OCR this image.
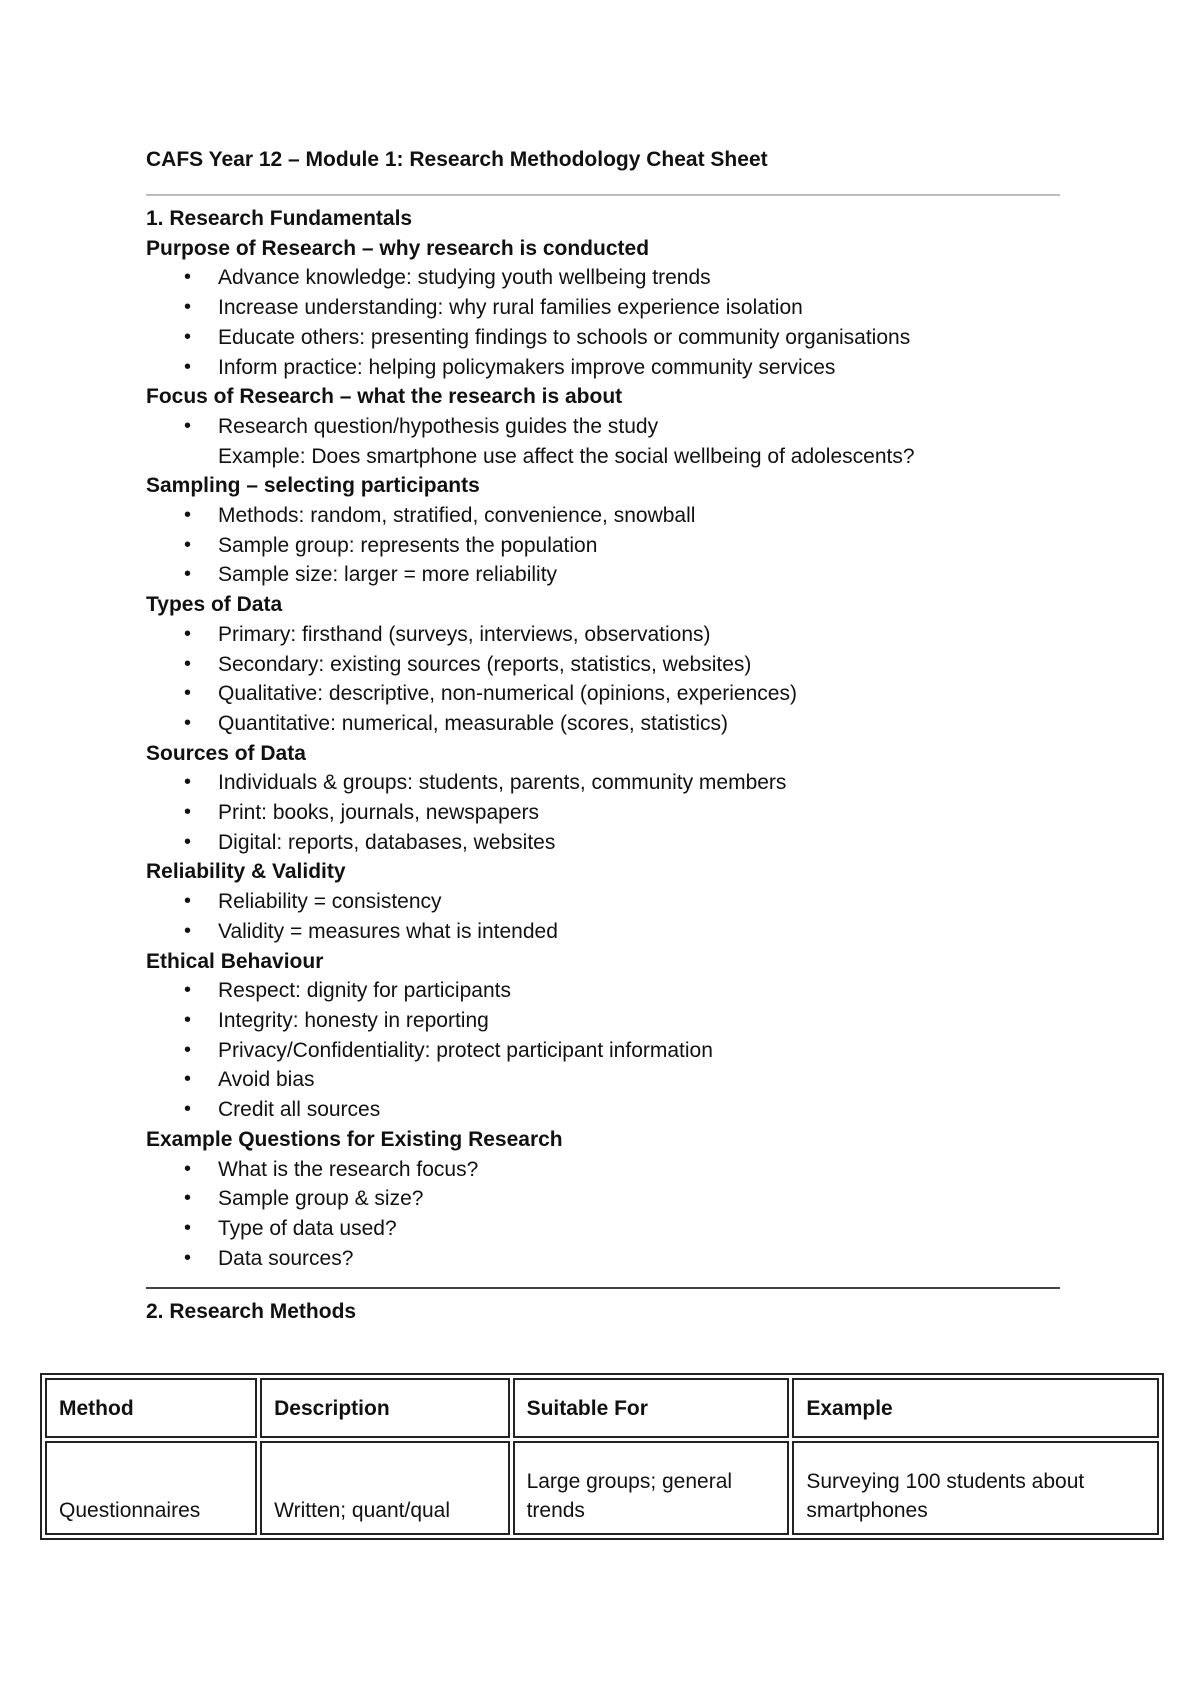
CAFS Year 12 – Module 1: Research Methodology Cheat Sheet

1. Research Fundamentals

Purpose of Research – why research is conducted

• Advance knowledge: studying youth wellbeing trends
• Increase understanding: why rural families experience isolation
• Educate others: presenting findings to schools or community organisations
• Inform practice: helping policymakers improve community services

Focus of Research – what the research is about

• Research question/hypothesis guides the study
Example: Does smartphone use affect the social wellbeing of adolescents?

Sampling – selecting participants

• Methods: random, stratified, convenience, snowball
• Sample group: represents the population
• Sample size: larger = more reliability

Types of Data

• Primary: firsthand (surveys, interviews, observations)
• Secondary: existing sources (reports, statistics, websites)
• Qualitative: descriptive, non-numerical (opinions, experiences)
• Quantitative: numerical, measurable (scores, statistics)

Sources of Data

• Individuals & groups: students, parents, community members
• Print: books, journals, newspapers
• Digital: reports, databases, websites

Reliability & Validity

• Reliability = consistency
• Validity = measures what is intended

Ethical Behaviour

• Respect: dignity for participants
• Integrity: honesty in reporting
• Privacy/Confidentiality: protect participant information
• Avoid bias
• Credit all sources

Example Questions for Existing Research

• What is the research focus?
• Sample group & size?
• Type of data used?
• Data sources?

2. Research Methods

Method	Description	Suitable For	Example
Questionnaires	Written; quant/qual	Large groups; general trends	Surveying 100 students about smartphones
